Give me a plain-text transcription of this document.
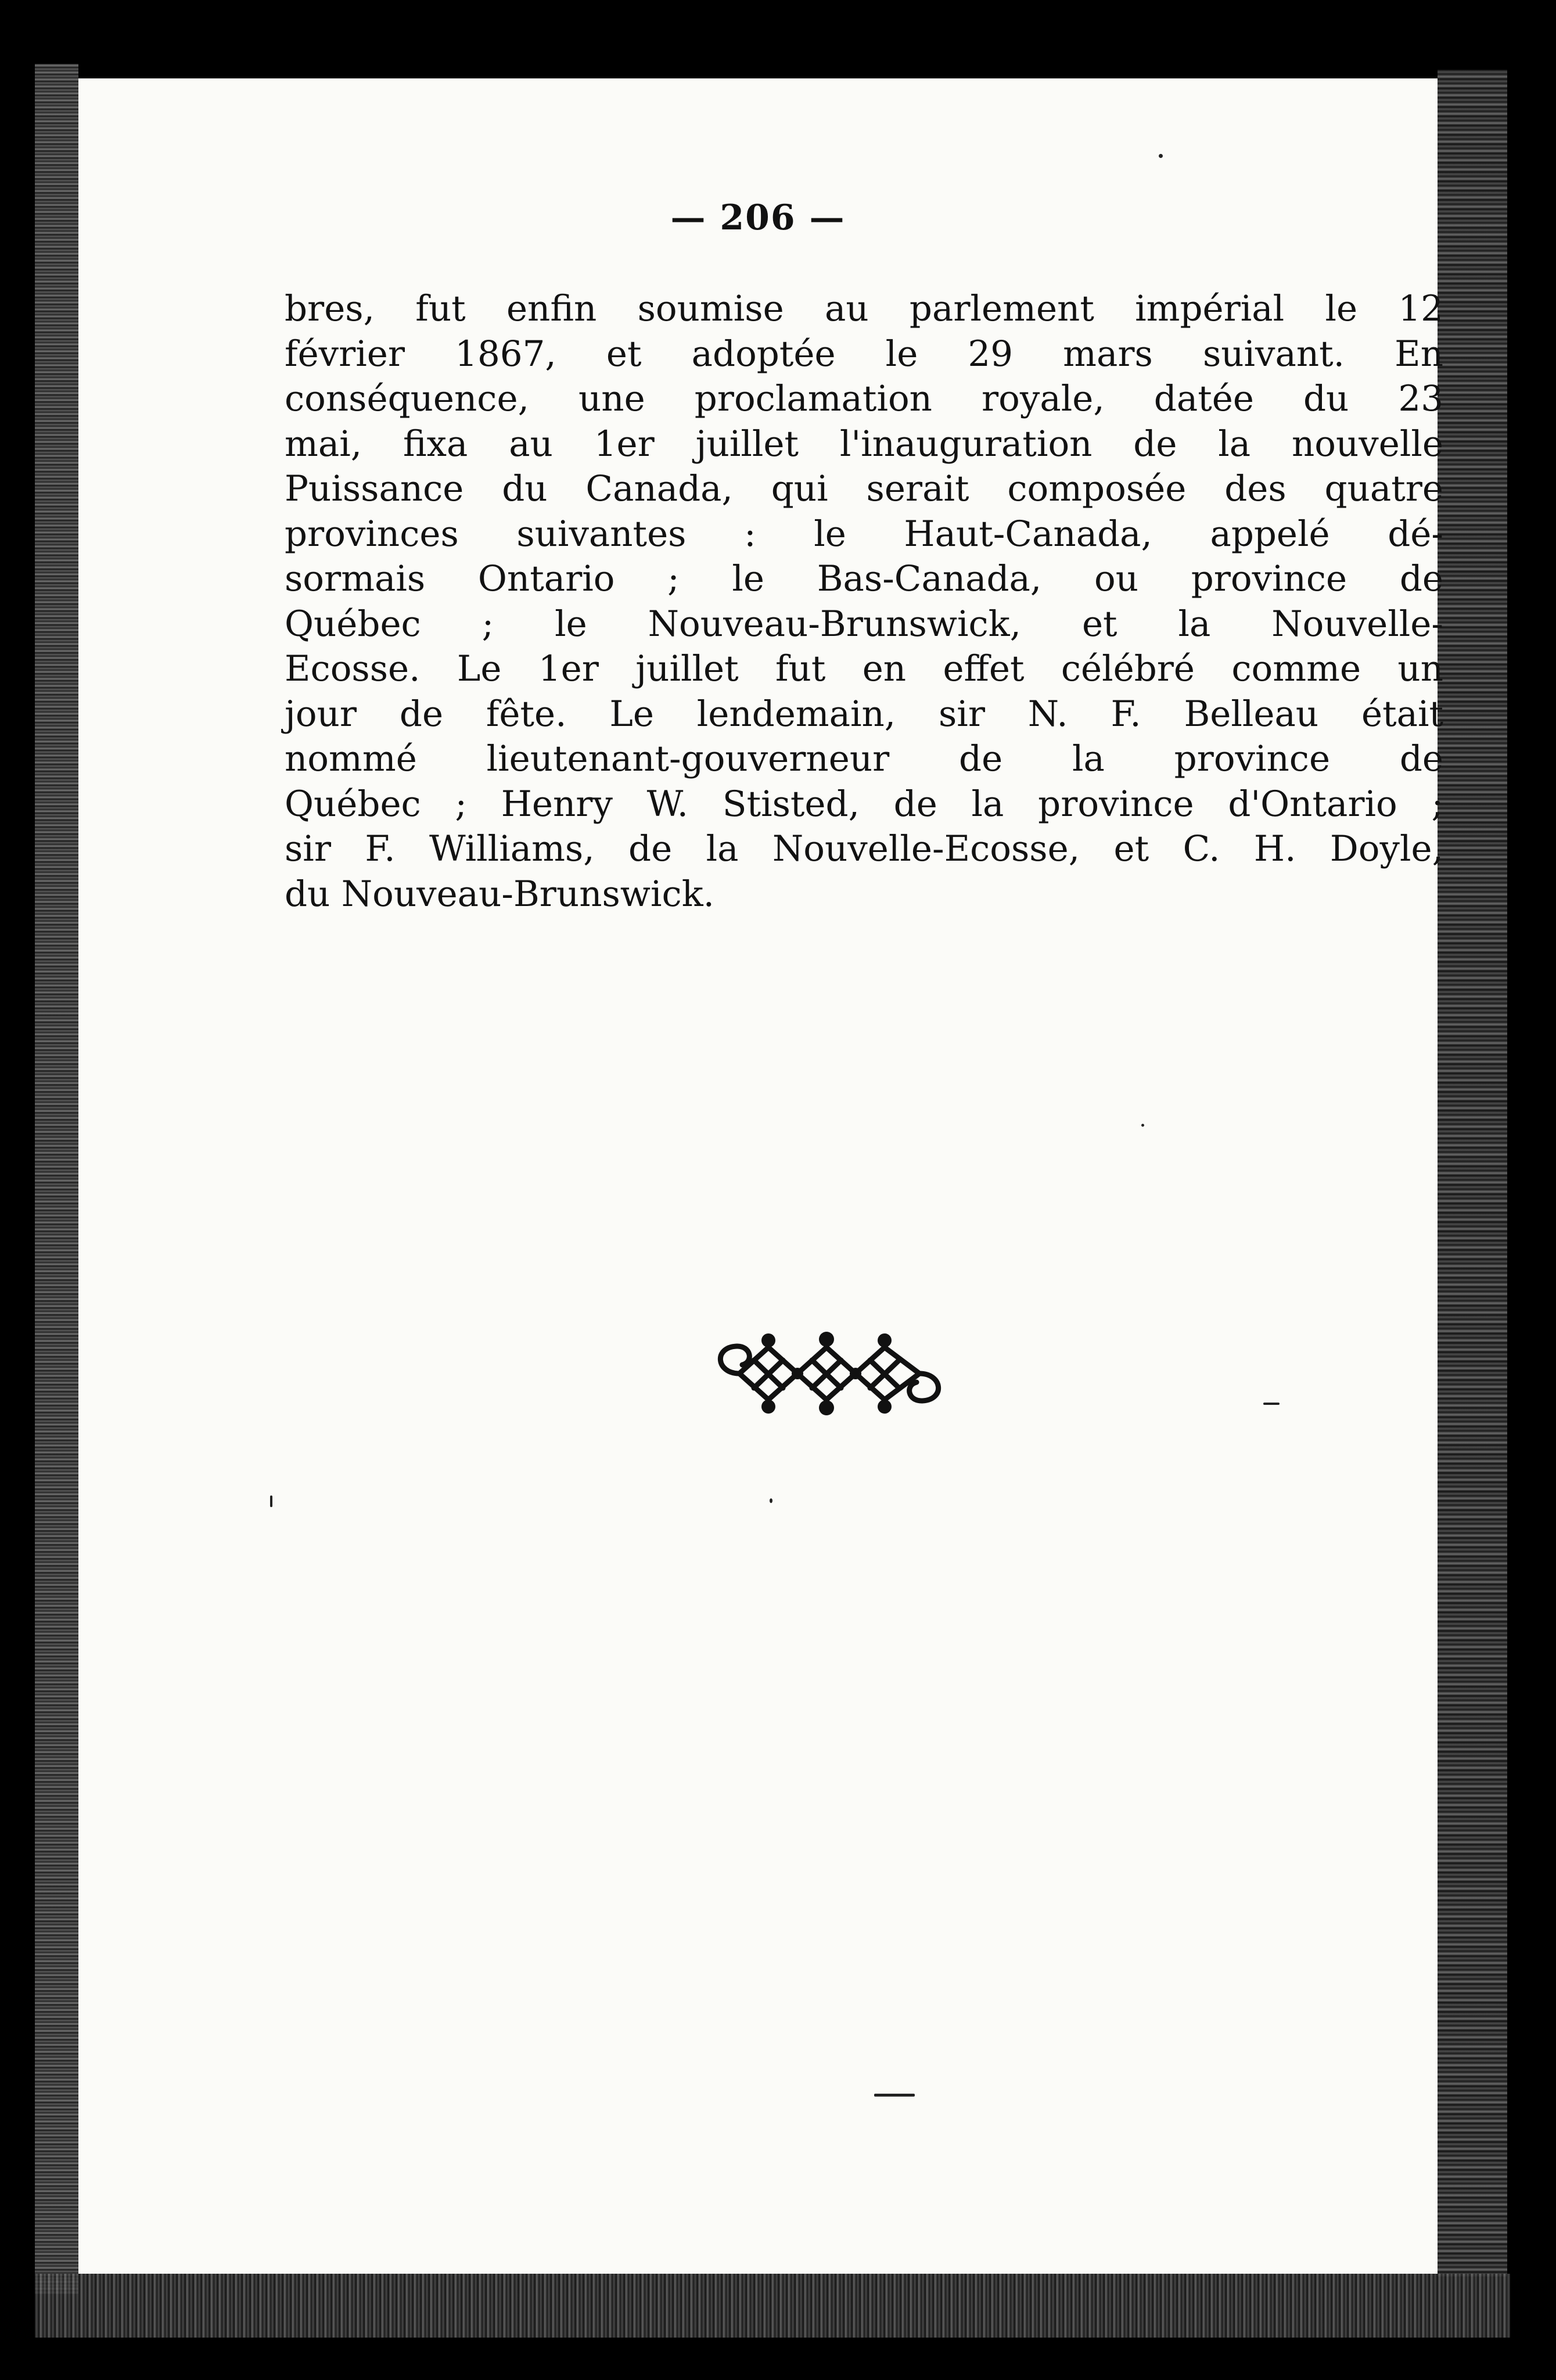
— 206 —
bres, fut enfin soumise au parlement impérial le 12
février 1867, et adoptée le 29 mars suivant. En
conséquence, une proclamation royale, datée du 23
mai, fixa au 1er juillet l'inauguration de la nouvelle
Puissance du Canada, qui serait composée des quatre
provinces suivantes : le Haut-Canada, appelé dé-
sormais Ontario ; le Bas-Canada, ou province de
Québec ; le Nouveau-Brunswick, et la Nouvelle-
Ecosse. Le 1er juillet fut en effet célébré comme un
jour de fête. Le lendemain, sir N. F. Belleau était
nommé lieutenant-gouverneur de la province de
Québec ; Henry W. Stisted, de la province d'Ontario ;
sir F. Williams, de la Nouvelle-Ecosse, et C. H. Doyle,
du Nouveau-Brunswick.
